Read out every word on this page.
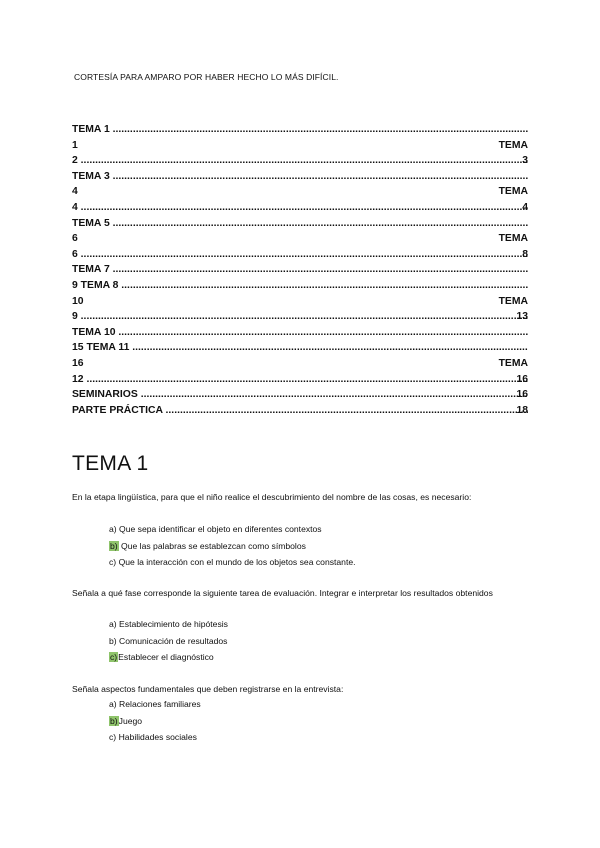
CORTESÍA PARA AMPARO POR HABER HECHO LO MÁS DIFÍCIL.
TEMA 1 .....
1	TEMA
2 .....	3
TEMA 3 .....
4	TEMA
4 .....	4
TEMA 5 .....
6	TEMA
6 .....	8
TEMA 7 .....
9 TEMA 8 .....
10	TEMA
9 .....	13
TEMA 10 .....
15 TEMA 11 .....
16	TEMA
12 .....	16
SEMINARIOS .....	16
PARTE PRÁCTICA .....	18
TEMA 1
En la etapa lingüística, para que el niño realice el descubrimiento del nombre de las cosas, es necesario:
a) Que sepa identificar el objeto en diferentes contextos
b) Que las palabras se establezcan como símbolos
c) Que la interacción con el mundo de los objetos sea constante.
Señala a qué fase corresponde la siguiente tarea de evaluación. Integrar e interpretar los resultados obtenidos
a) Establecimiento de hipótesis
b) Comunicación de resultados
c)Establecer el diagnóstico
Señala aspectos fundamentales que deben registrarse en la entrevista:
a) Relaciones familiares
b)Juego
c) Habilidades sociales
